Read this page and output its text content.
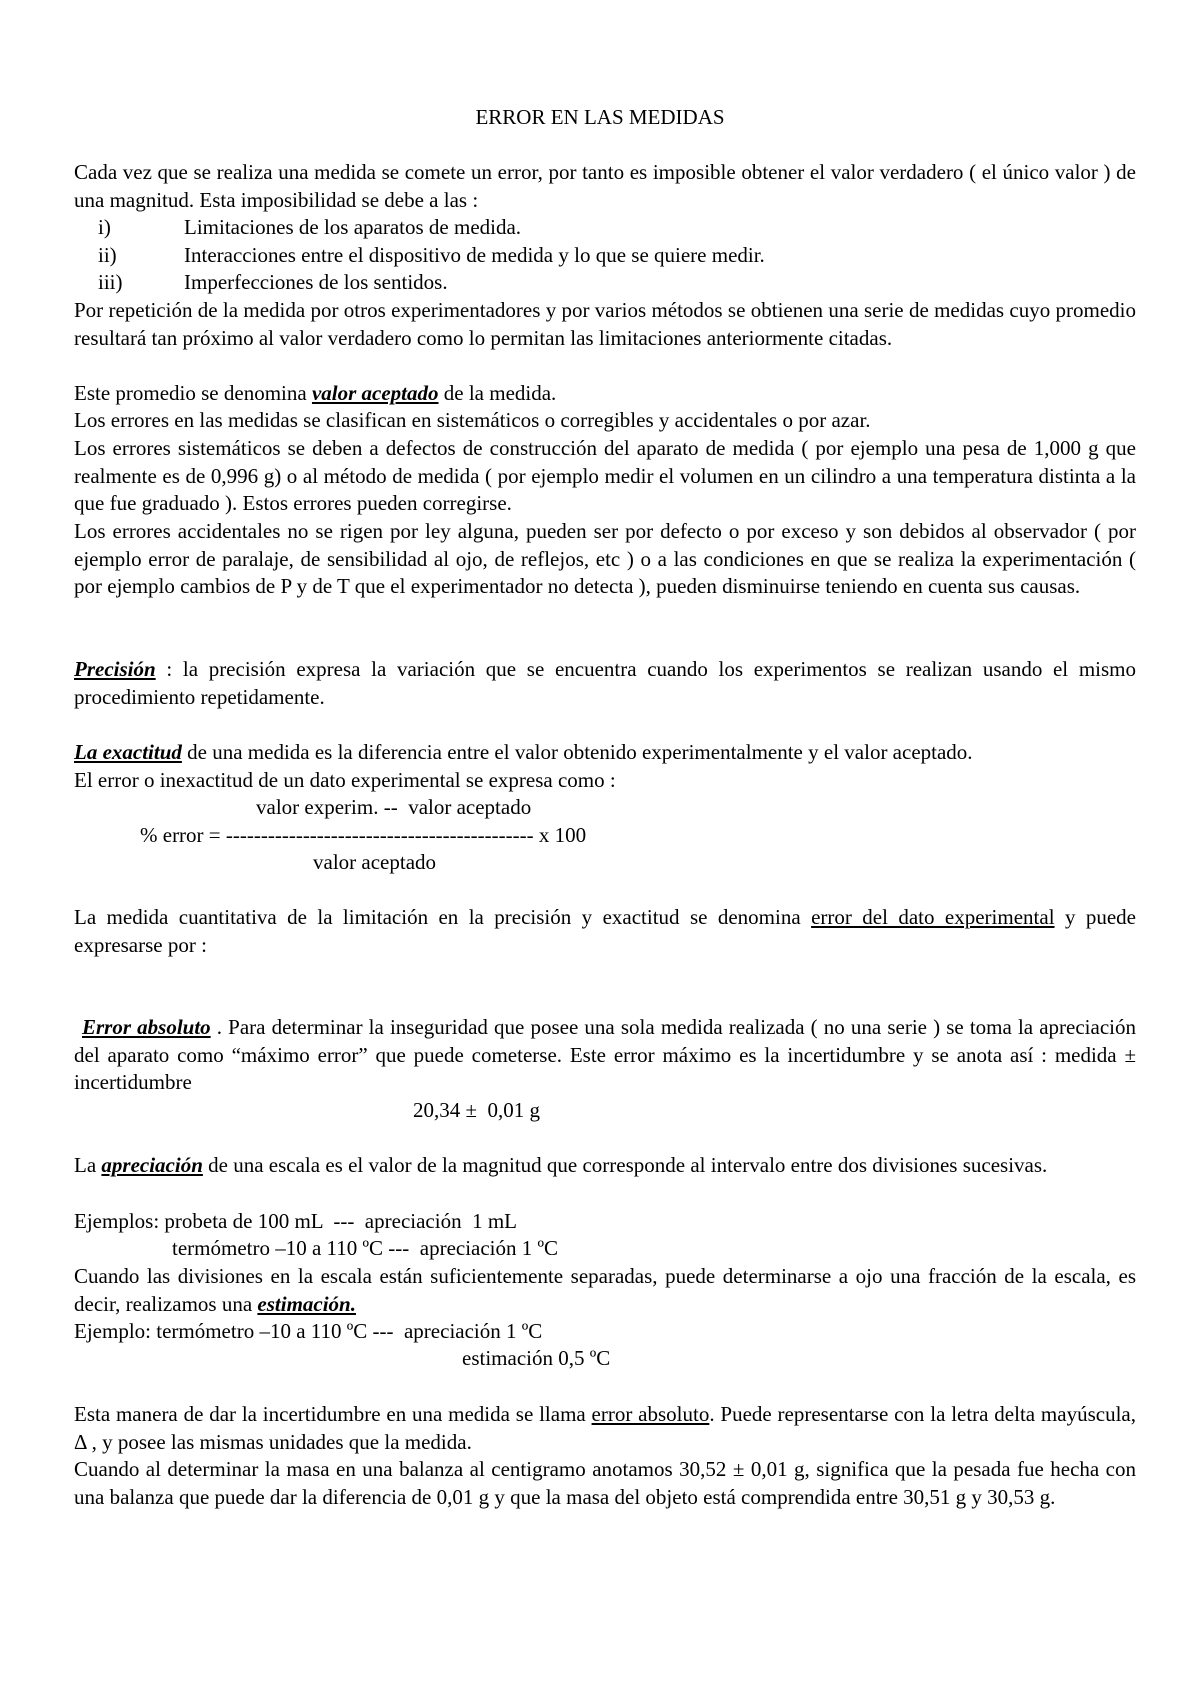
ERROR EN LAS MEDIDAS
Cada vez que se realiza una medida se comete un error, por tanto es imposible obtener el valor verdadero ( el único valor ) de una magnitud. Esta imposibilidad se debe a las :
i)	Limitaciones de los aparatos de medida.
ii)	Interacciones entre el dispositivo de medida y lo que se quiere medir.
iii)	Imperfecciones de los sentidos.
Por repetición de la medida por otros experimentadores y por varios métodos se obtienen una serie de medidas cuyo promedio resultará tan próximo al valor verdadero como lo permitan las limitaciones anteriormente citadas.
Este promedio se denomina valor aceptado de la medida.
Los errores en las medidas se clasifican en sistemáticos o corregibles y accidentales o por azar.
Los errores sistemáticos se deben a defectos de construcción del aparato de medida ( por ejemplo una pesa de 1,000 g que realmente es de 0,996 g) o al método de medida ( por ejemplo medir el volumen en un cilindro a una temperatura distinta a la que fue graduado ). Estos errores pueden corregirse.
Los errores accidentales no se rigen por ley alguna, pueden ser por defecto o por exceso y son debidos al observador ( por ejemplo error de paralaje, de sensibilidad al ojo, de reflejos, etc ) o a las condiciones en que se realiza la experimentación ( por ejemplo cambios de P y de T que el experimentador no detecta ), pueden disminuirse teniendo en cuenta sus causas.
Precisión : la precisión expresa la variación que se encuentra cuando los experimentos se realizan usando el mismo procedimiento repetidamente.
La exactitud de una medida es la diferencia entre el valor obtenido experimentalmente y el valor aceptado.
El error o inexactitud de un dato experimental se expresa como :
valor experim. --  valor aceptado
% error = -------------------------------------------- x 100
valor aceptado
La medida cuantitativa de la limitación en la precisión y exactitud se denomina error del dato experimental y puede expresarse por :
Error absoluto . Para determinar la inseguridad que posee una sola medida realizada ( no una serie ) se toma la apreciación del aparato como “máximo error” que puede cometerse. Este error máximo es la incertidumbre y se anota así : medida ± incertidumbre
20,34 ±  0,01 g
La apreciación de una escala es el valor de la magnitud que corresponde al intervalo entre dos divisiones sucesivas.
Ejemplos: probeta de 100 mL  ---  apreciación  1 mL
termómetro –10 a 110 ºC ---  apreciación 1 ºC
Cuando las divisiones en la escala están suficientemente separadas, puede determinarse a ojo una fracción de la escala, es decir, realizamos una estimación.
Ejemplo: termómetro –10 a 110 ºC ---  apreciación 1 ºC
estimación 0,5 ºC
Esta manera de dar la incertidumbre en una medida se llama error absoluto. Puede representarse con la letra delta mayúscula, Δ , y posee las mismas unidades que la medida.
Cuando al determinar la masa en una balanza al centigramo anotamos 30,52 ± 0,01 g, significa que la pesada fue hecha con una balanza que puede dar la diferencia de 0,01 g y que la masa del objeto está comprendida entre 30,51 g y 30,53 g.
